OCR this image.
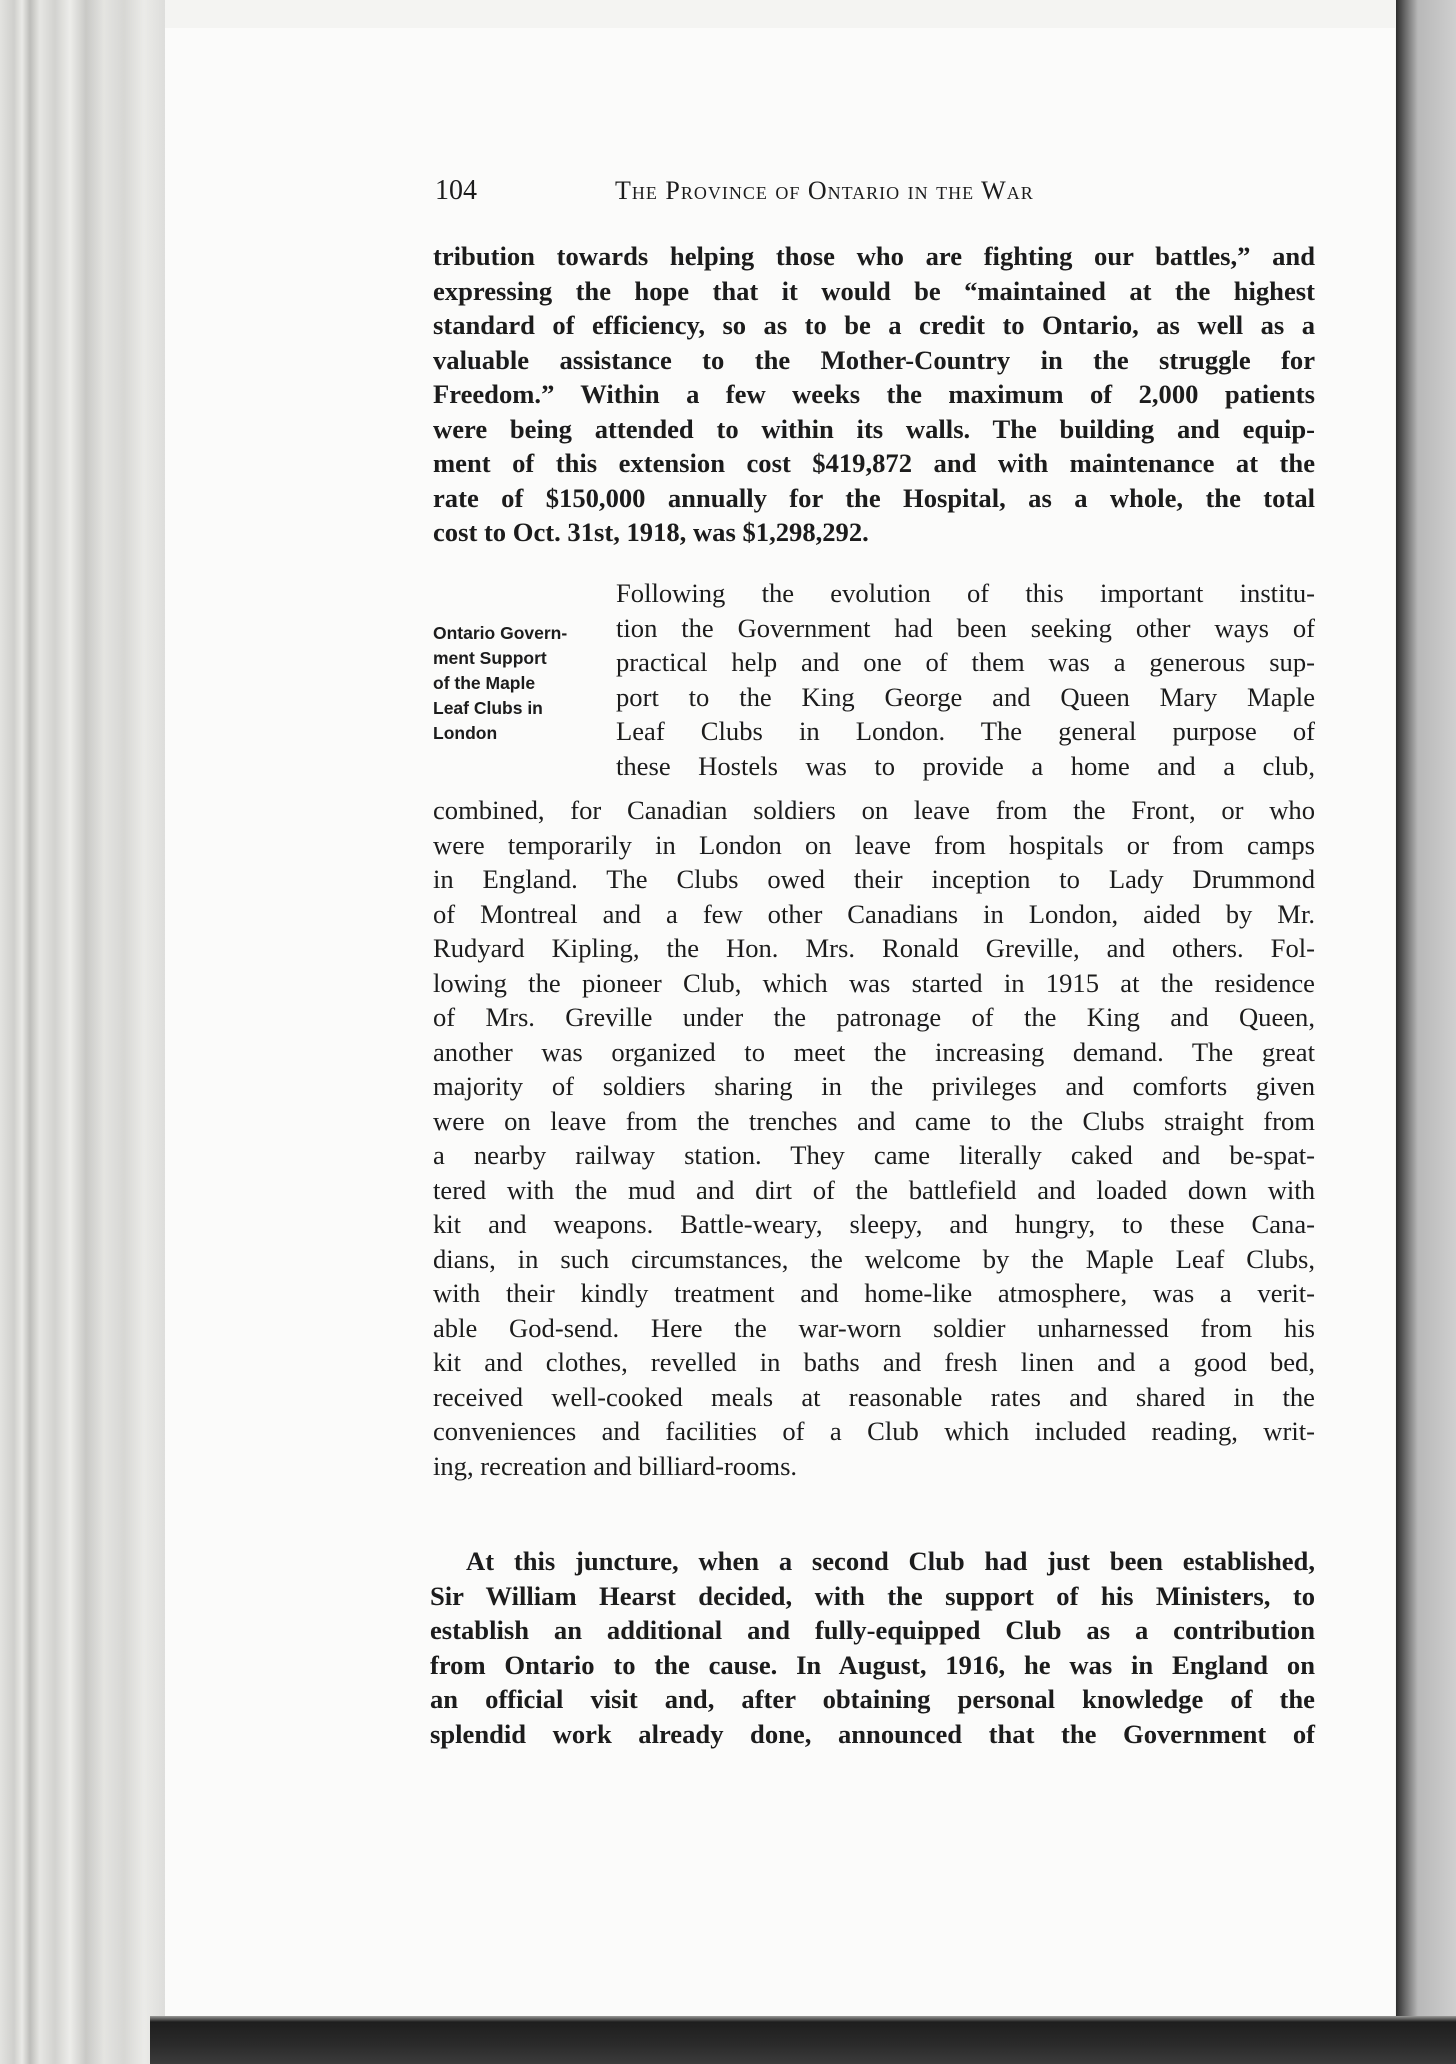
104	The Province of Ontario in the War
tribution towards helping those who are fighting our battles,” and
expressing the hope that it would be “maintained at the highest
standard of efficiency, so as to be a credit to Ontario, as well as a
valuable assistance to the Mother-Country in the struggle for
Freedom.” Within a few weeks the maximum of 2,000 patients
were being attended to within its walls. The building and equip-
ment of this extension cost $419,872 and with maintenance at the
rate of $150,000 annually for the Hospital, as a whole, the total
cost to Oct. 31st, 1918, was $1,298,292.
Ontario Govern-
ment Support
of the Maple
Leaf Clubs in
London
Following the evolution of this important institu-
tion the Government had been seeking other ways of
practical help and one of them was a generous sup-
port to the King George and Queen Mary Maple
Leaf Clubs in London. The general purpose of
these Hostels was to provide a home and a club,
combined, for Canadian soldiers on leave from the Front, or who
were temporarily in London on leave from hospitals or from camps
in England. The Clubs owed their inception to Lady Drummond
of Montreal and a few other Canadians in London, aided by Mr.
Rudyard Kipling, the Hon. Mrs. Ronald Greville, and others. Fol-
lowing the pioneer Club, which was started in 1915 at the residence
of Mrs. Greville under the patronage of the King and Queen,
another was organized to meet the increasing demand. The great
majority of soldiers sharing in the privileges and comforts given
were on leave from the trenches and came to the Clubs straight from
a nearby railway station. They came literally caked and be-spat-
tered with the mud and dirt of the battlefield and loaded down with
kit and weapons. Battle-weary, sleepy, and hungry, to these Cana-
dians, in such circumstances, the welcome by the Maple Leaf Clubs,
with their kindly treatment and home-like atmosphere, was a verit-
able God-send. Here the war-worn soldier unharnessed from his
kit and clothes, revelled in baths and fresh linen and a good bed,
received well-cooked meals at reasonable rates and shared in the
conveniences and facilities of a Club which included reading, writ-
ing, recreation and billiard-rooms.
At this juncture, when a second Club had just been established,
Sir William Hearst decided, with the support of his Ministers, to
establish an additional and fully-equipped Club as a contribution
from Ontario to the cause. In August, 1916, he was in England on
an official visit and, after obtaining personal knowledge of the
splendid work already done, announced that the Government of
